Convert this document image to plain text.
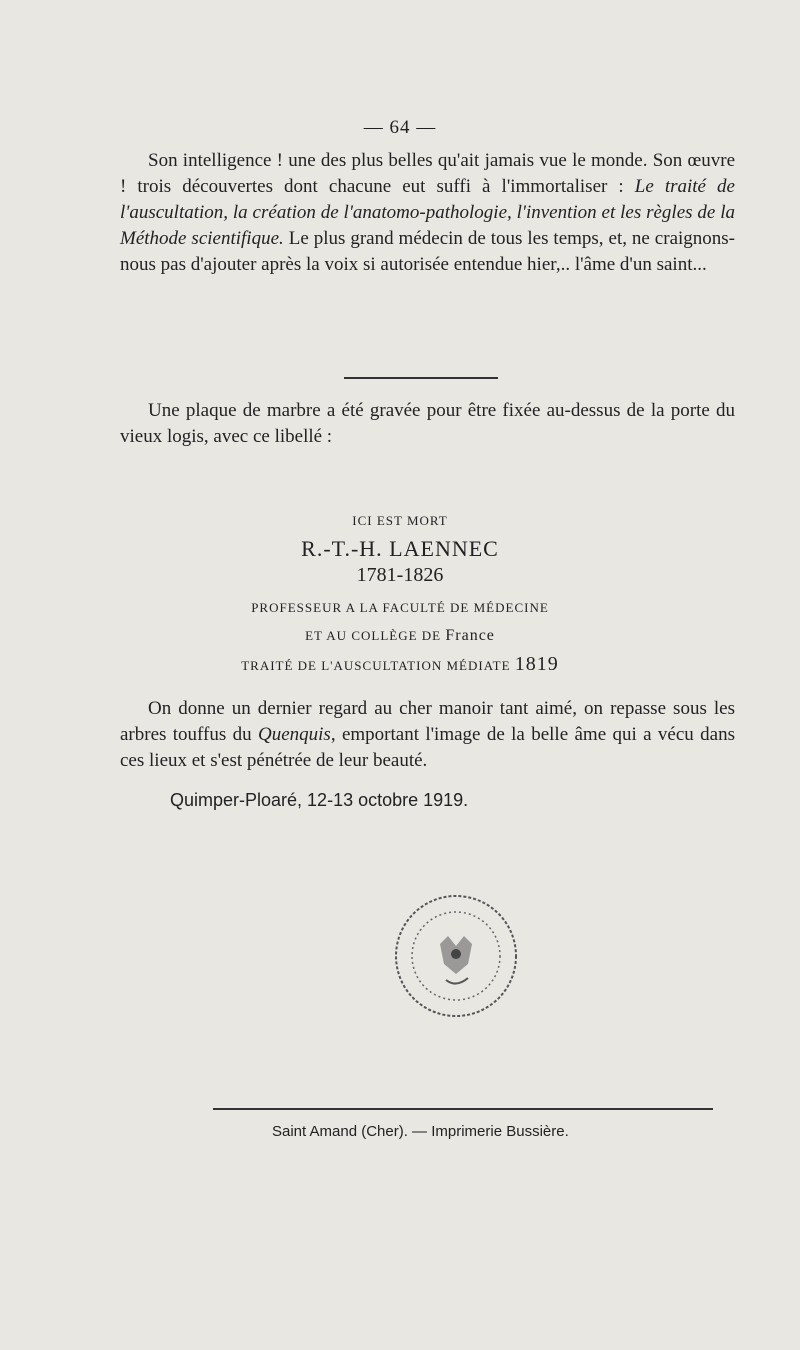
— 64 —

Son intelligence ! une des plus belles qu'ait jamais vue le monde. Son œuvre ! trois découvertes dont chacune eut suffi à l'immortaliser : Le traité de l'auscultation, la création de l'anatomo-pathologie, l'invention et les règles de la Méthode scientifique. Le plus grand médecin de tous les temps, et, ne craignons-nous pas d'ajouter après la voix si autorisée entendue hier,.. l'âme d'un saint...

Une plaque de marbre a été gravée pour être fixée au-dessus de la porte du vieux logis, avec ce libellé :

ICI EST MORT
R.-T.-H. LAENNEC
1781-1826
PROFESSEUR A LA FACULTÉ DE MÉDECINE
ET AU COLLÈGE DE France
TRAITÉ DE L'AUSCULTATION MÉDIATE 1819

On donne un dernier regard au cher manoir tant aimé, on repasse sous les arbres touffus du Quenquis, emportant l'image de la belle âme qui a vécu dans ces lieux et s'est pénétrée de leur beauté.

Quimper-Ploaré, 12-13 octobre 1919.
Saint Amand (Cher). — Imprimerie Bussière.
